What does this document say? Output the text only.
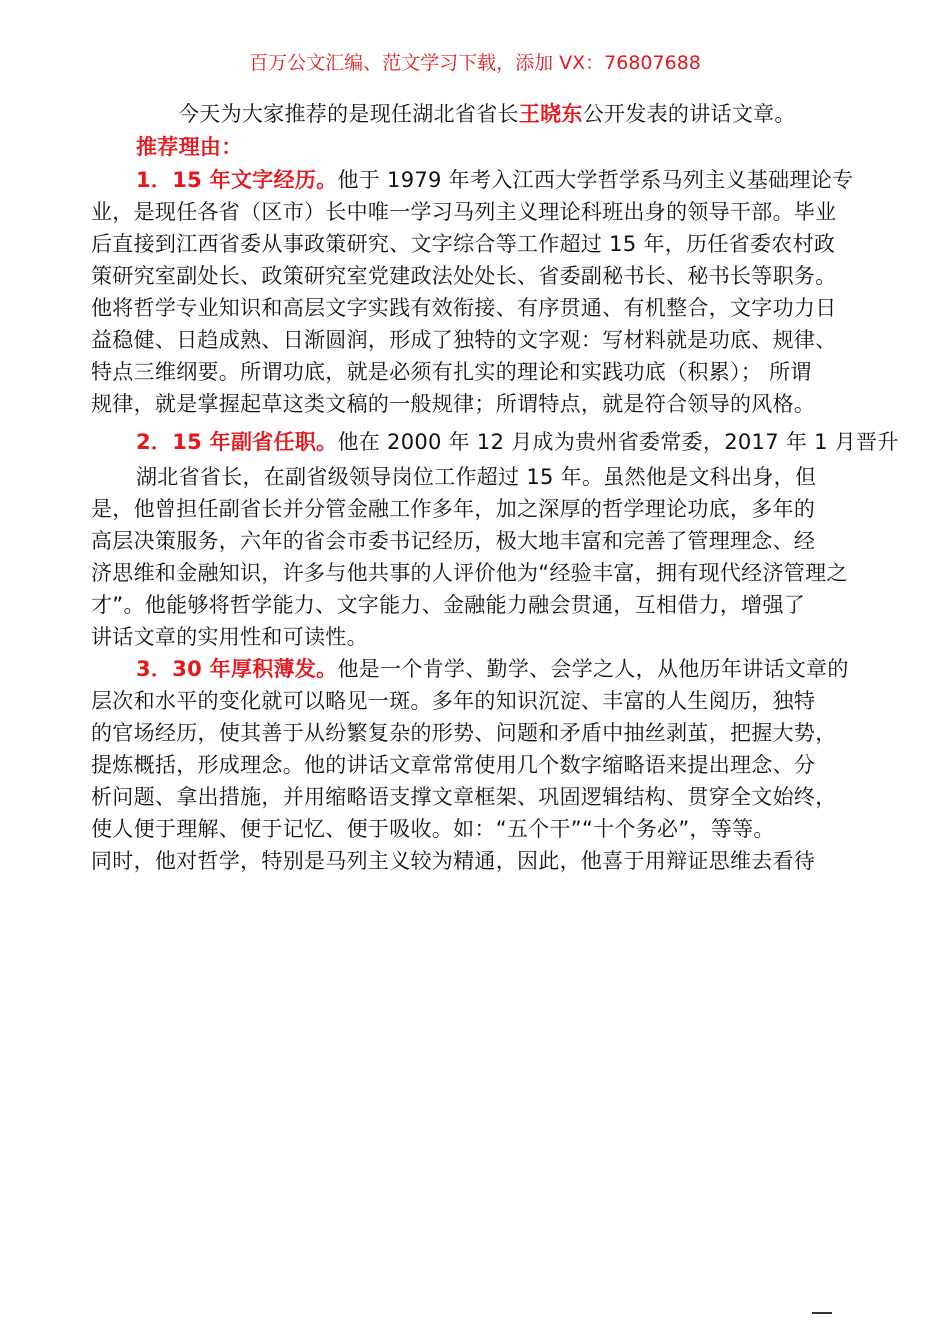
百万公文汇编、范文学习下载，添加 VX：76807688
今天为大家推荐的是现任湖北省省长王晓东公开发表的讲话文章。
推荐理由：
1．15 年文字经历。他于 1979 年考入江西大学哲学系马列主义基础理论专
业，是现任各省（区市）长中唯一学习马列主义理论科班出身的领导干部。毕业
后直接到江西省委从事政策研究、文字综合等工作超过 15 年，历任省委农村政
策研究室副处长、政策研究室党建政法处处长、省委副秘书长、秘书长等职务。
他将哲学专业知识和高层文字实践有效衔接、有序贯通、有机整合，文字功力日
益稳健、日趋成熟、日渐圆润，形成了独特的文字观：写材料就是功底、规律、
特点三维纲要。所谓功底，就是必须有扎实的理论和实践功底（积累）； 所谓
规律，就是掌握起草这类文稿的一般规律；所谓特点，就是符合领导的风格。
2．15 年副省任职。他在 2000 年 12 月成为贵州省委常委，2017 年 1 月晋升
湖北省省长，在副省级领导岗位工作超过 15 年。虽然他是文科出身，但
是，他曾担任副省长并分管金融工作多年，加之深厚的哲学理论功底，多年的
高层决策服务，六年的省会市委书记经历，极大地丰富和完善了管理理念、经
济思维和金融知识，许多与他共事的人评价他为“经验丰富，拥有现代经济管理之
才”。他能够将哲学能力、文字能力、金融能力融会贯通，互相借力，增强了
讲话文章的实用性和可读性。
3．30 年厚积薄发。他是一个肯学、勤学、会学之人，从他历年讲话文章的
层次和水平的变化就可以略见一斑。多年的知识沉淀、丰富的人生阅历，独特
的官场经历，使其善于从纷繁复杂的形势、问题和矛盾中抽丝剥茧，把握大势，
提炼概括，形成理念。他的讲话文章常常使用几个数字缩略语来提出理念、分
析问题、拿出措施，并用缩略语支撑文章框架、巩固逻辑结构、贯穿全文始终，
使人便于理解、便于记忆、便于吸收。如：“五个干”“十个务必”，等等。
同时，他对哲学，特别是马列主义较为精通，因此，他喜于用辩证思维去看待
